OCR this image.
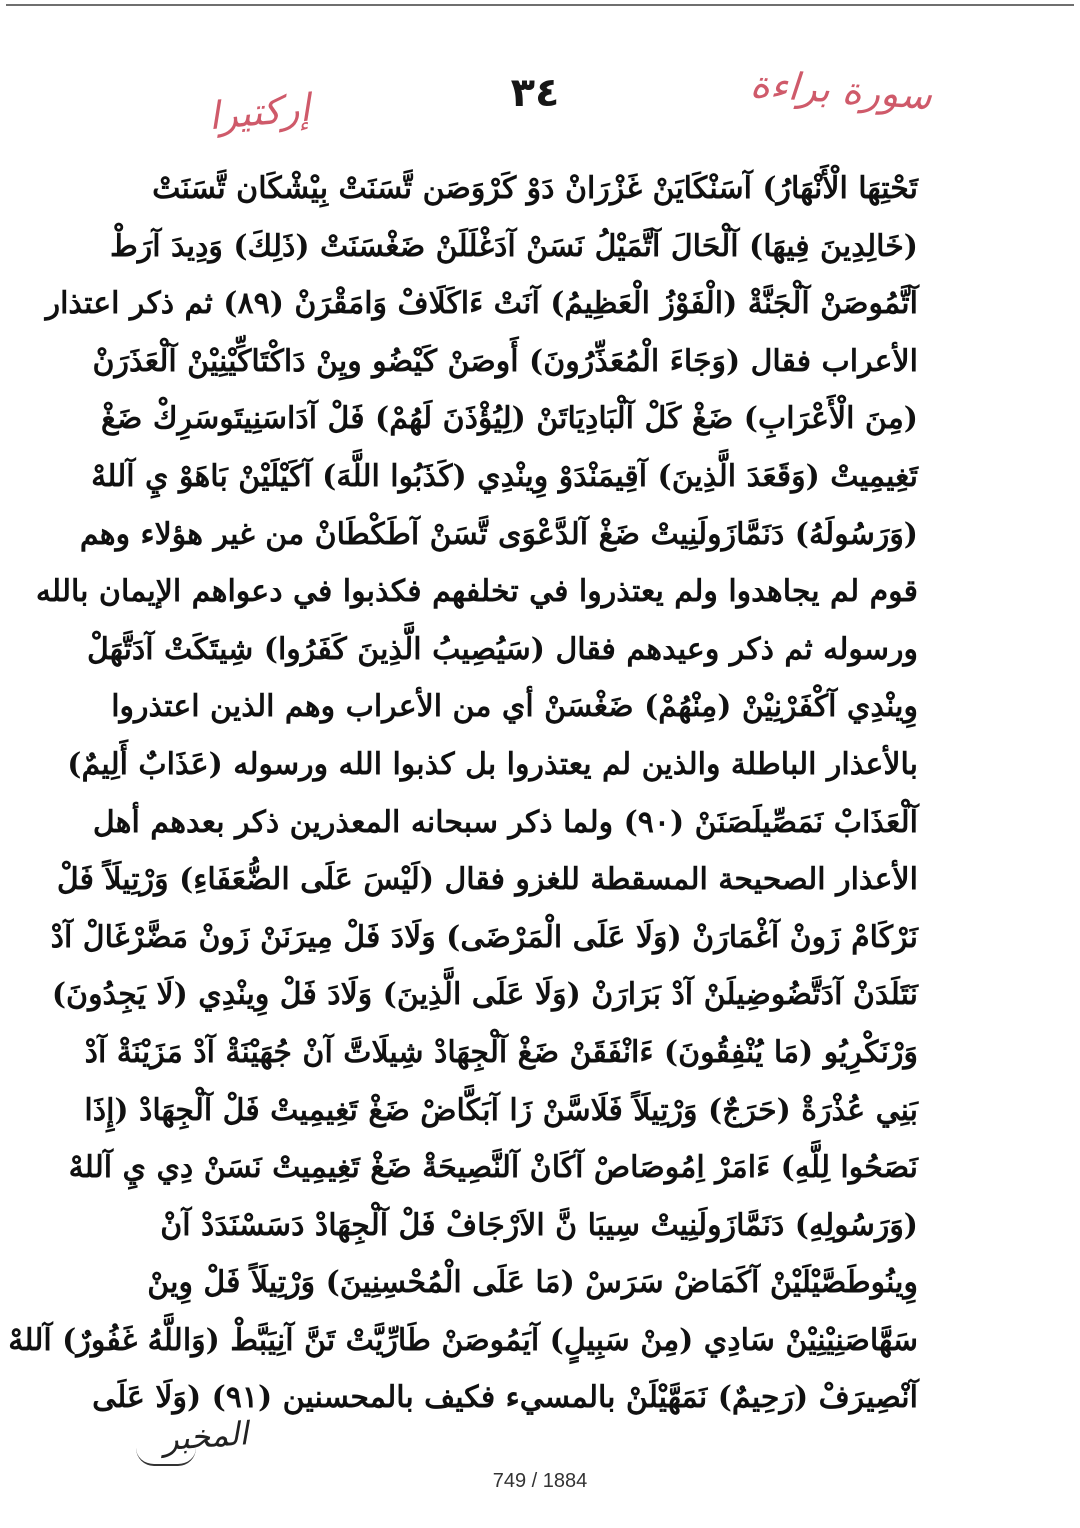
سورة براءة
٣٤
إركتيرا
تَحْتِهَا الْأَنْهَارُ) آسَنْكَايَنْ غَزْرَانْ دَوْ كَرْوَصَن تَّسَنَتْ بِيْشْكَان تَّسَنَتْ
(خَالِدِينَ فِيهَا) آلْحَالَ آتَّمَيْلُ نَسَنْ آدَغْلَلَنْ ضَغْسَنَتْ (ذَلِكَ) وَدِيدَ آرَطْ
آتَّمُوصَنْ آلْجَنَّةْ (الْفَوْزُ الْعَظِيمُ) آنَتْ ءَاكَلَافْ وَامَقْرَنْ (٨٩) ثم ذكر اعتذار
الأعراب فقال (وَجَاءَ الْمُعَذِّرُونَ) أَوصَنْ كَيْضُو ويِنْ دَاكْتَاكِّيْنِيْنْ آلْعَذَرَنْ
(مِنَ الْأَعْرَابِ) ضَغْ كَلْ آلْبَادِيَاتَنْ (لِيُؤْذَنَ لَهُمْ) فَلْ آدَاسَنِيتَوسَرِكْ ضَغْ
تَغِيمِيتْ (وَقَعَدَ الَّذِينَ) آقِيمَنْدَوْ وِينْدِي (كَذَبُوا اللَّهَ) آكَيْلَيْنْ بَاهَوْ يِ آللهْ
(وَرَسُولَهُ) دَنَمَّازَولَنِيتْ ضَغْ آلدَّعْوَى تَّسَنْ آطَكْطَانْ من غير هؤلاء وهم
قوم لم يجاهدوا ولم يعتذروا في تخلفهم فكذبوا في دعواهم الإيمان بالله
ورسوله ثم ذكر وعيدهم فقال (سَيُصِيبُ الَّذِينَ كَفَرُوا) شِيتَكَتْ آدَتَّهَلْ
وِينْدِي آكْفَرْنِيْنْ (مِنْهُمْ) ضَغْسَنْ أي من الأعراب وهم الذين اعتذروا
بالأعذار الباطلة والذين لم يعتذروا بل كذبوا الله ورسوله (عَذَابٌ أَلِيمٌ)
آلْعَذَابْ نَمَصِّيلَصَنَنْ (٩٠) ولما ذكر سبحانه المعذرين ذكر بعدهم أهل
الأعذار الصحيحة المسقطة للغزو فقال (لَيْسَ عَلَى الضُّعَفَاءِ) وَرْتِيلَاً فَلْ
نَرْكَامْ زَونْ آغْمَارَنْ (وَلَا عَلَى الْمَرْضَى) وَلَادَ فَلْ مِيرَنَنْ زَونْ مَضَّرْغَالْ آدْ
نَتَلَدَنْ آدَتَّضُوضِيلَنْ آدْ بَرَارَنْ (وَلَا عَلَى الَّذِينَ) وَلَادَ فَلْ وِينْدِي (لَا يَجِدُونَ)
وَرْنَكْرِيُو (مَا يُنْفِقُونَ) ءَانْفَقَنْ ضَغْ آلْجِهَادْ شِيلَاتَّ آنْ جُهَيْنَةْ آدْ مَزَيْنَةْ آدْ
بَنِي عُذْرَةْ (حَرَجٌ) وَرْتِيلَاً فَلَاسَّنْ زَا آبَكَّاضْ ضَغْ تَغِيمِيتْ فَلْ آلْجِهَادْ (إِذَا
نَصَحُوا لِلَّهِ) ءَامَرْ اِمُوصَاصْ آكَانْ آلنَّصِيحَةْ ضَغْ تَغِيمِيتْ نَسَنْ دِي يِ آللهْ
(وَرَسُولِهِ) دَنَمَّازَولَنِيتْ سِيبَا نَّ الاَرْجَافْ فَلْ آلْجِهَادْ دَسَسْنَدَدْ آنْ
وِينُوطَصَّيْلَيْنْ آكَمَاضْ سَرَسْ (مَا عَلَى الْمُحْسِنِينَ) وَرْتِيلَاً فَلْ وِينْ
سَهَّاصَنِيْنِيْنْ سَادِي (مِنْ سَبِيلٍ) آيَمُوصَنْ طَارِّيَّتْ تَنَّ آنِيَبَّطْ (وَاللَّهُ غَفُورٌ) آللهْ
آنْصِيرَفْ (رَحِيمٌ) نَمَهَّيْلَنْ بالمسيء فكيف بالمحسنين (٩١) (وَلَا عَلَى
المخبر
749 / 1884
